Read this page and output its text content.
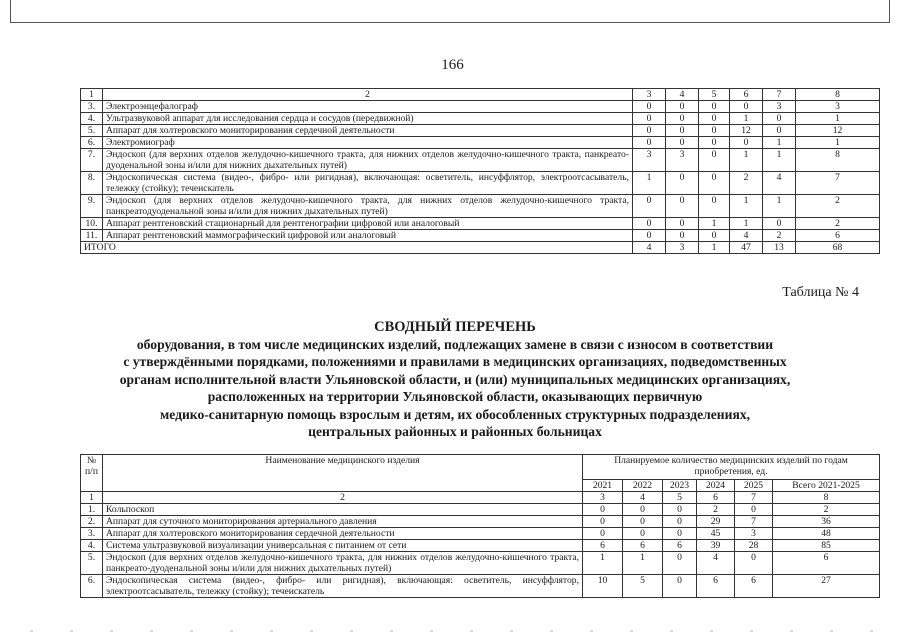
166
1	2	3	4	5	6	7	8
3.	Электроэнцефалограф	0	0	0	0	3	3
4.	Ультразвуковой аппарат для исследования сердца и сосудов (передвижной)	0	0	0	1	0	1
5.	Аппарат для холтеровского мониторирования сердечной деятельности	0	0	0	12	0	12
6.	Электромиограф	0	0	0	0	1	1
7.	Эндоскоп (для верхних отделов желудочно-кишечного тракта, для нижних отделов желудочно-кишечного тракта, панкреато-дуоденальной зоны и/или для нижних дыхательных путей)	3	3	0	1	1	8
8.	Эндоскопическая система (видео-, фибро- или ригидная), включающая: осветитель, инсуффлятор, электроотсасыватель, тележку (стойку); течеискатель	1	0	0	2	4	7
9.	Эндоскоп (для верхних отделов желудочно-кишечного тракта, для нижних отделов желудочно-кишечного тракта, панкреатодуоденальной зоны и/или для нижних дыхательных путей)	0	0	0	1	1	2
10.	Аппарат рентгеновский стационарный для рентгенографии цифровой или аналоговый	0	0	1	1	0	2
11.	Аппарат рентгеновский маммографический цифровой или аналоговый	0	0	0	4	2	6
ИТОГО		4	3	1	47	13	68
Таблица № 4
СВОДНЫЙ ПЕРЕЧЕНЬ
оборудования, в том числе медицинских изделий, подлежащих замене в связи с износом в соответствии
с утверждёнными порядками, положениями и правилами в медицинских организациях, подведомственных
органам исполнительной власти Ульяновской области, и (или) муниципальных медицинских организациях,
расположенных на территории Ульяновской области, оказывающих первичную
медико-санитарную помощь взрослым и детям, их обособленных структурных подразделениях,
центральных районных и районных больницах
№ п/п	Наименование медицинского изделия	Планируемое количество медицинских изделий по годам приобретения, ед.					
		2021	2022	2023	2024	2025	Всего 2021-2025
1	2	3	4	5	6	7	8
1.	Кольпоскоп	0	0	0	2	0	2
2.	Аппарат для суточного мониторирования артериального давления	0	0	0	29	7	36
3.	Аппарат для холтеровского мониторирования сердечной деятельности	0	0	0	45	3	48
4.	Система ультразвуковой визуализации универсальная с питанием от сети	6	6	6	39	28	85
5.	Эндоскоп (для верхних отделов желудочно-кишечного тракта, для нижних отделов желудочно-кишечного тракта, панкреато-дуоденальной зоны и/или для нижних дыхательных путей)	1	1	0	4	0	6
6.	Эндоскопическая система (видео-, фибро- или ригидная), включающая: осветитель, инсуффлятор, электроотсасыватель, тележку (стойку); течеискатель	10	5	0	6	6	27
